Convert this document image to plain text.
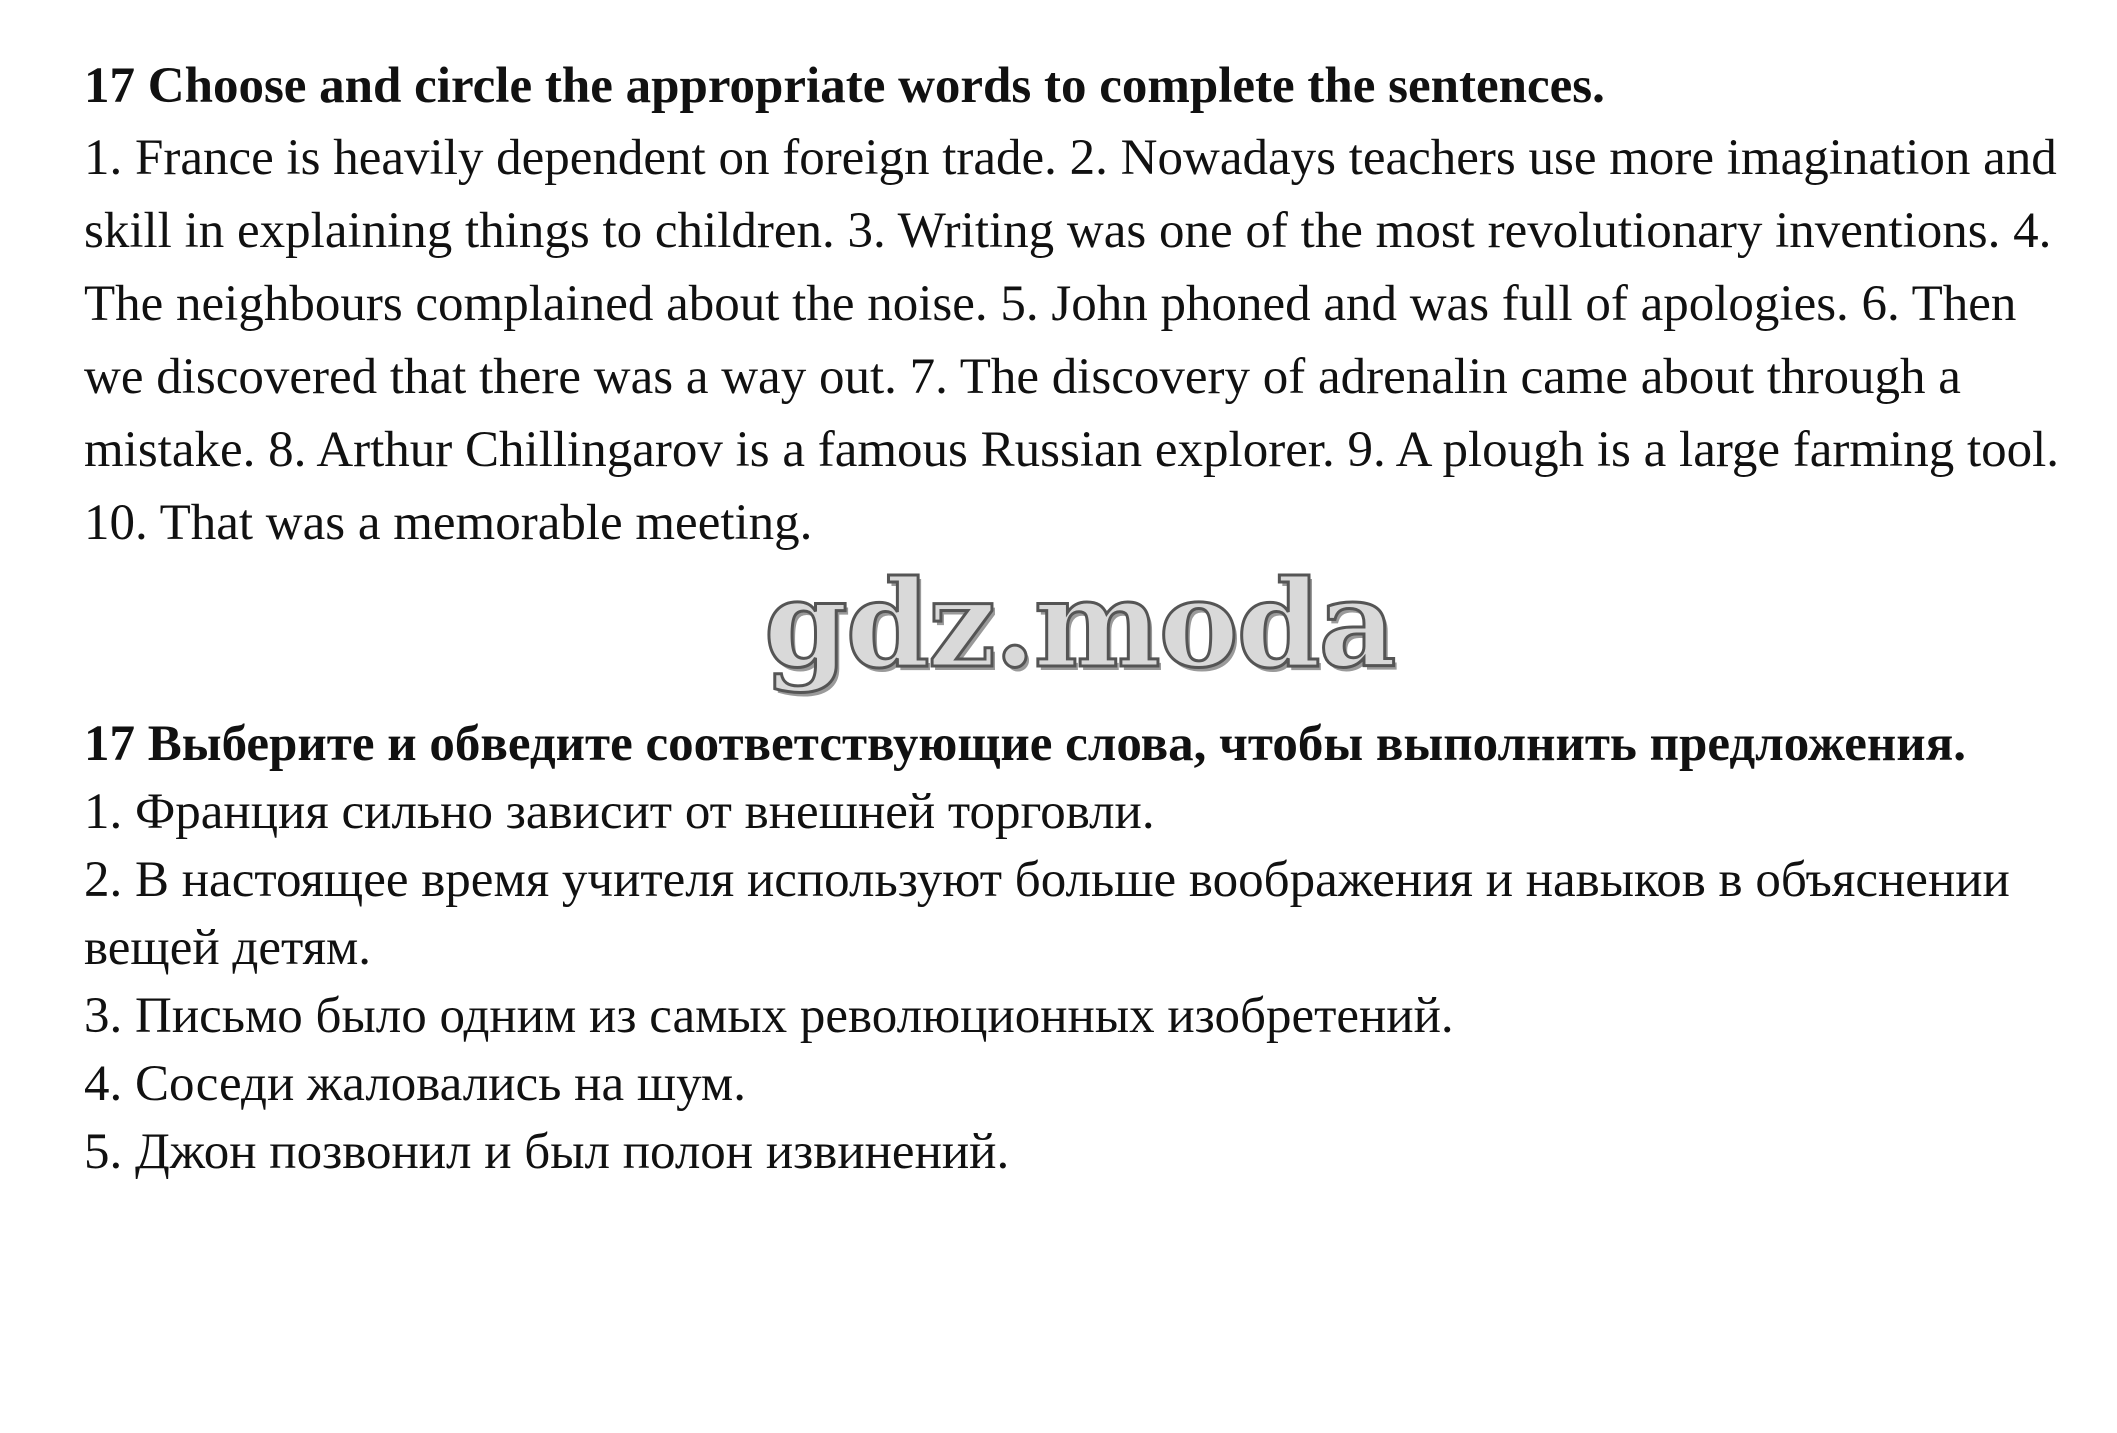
17 Choose and circle the appropriate words to complete the sentences.

1. France is heavily dependent on foreign trade. 2. Nowadays teachers use more imagination and skill in explaining things to children. 3. Writing was one of the most revolutionary inventions. 4. The neighbours complained about the noise. 5. John phoned and was full of apologies. 6. Then we discovered that there was a way out. 7. The discovery of adrenalin came about through a mistake. 8. Arthur Chillingarov is a famous Russian explorer. 9. A plough is a large farming tool. 10. That was a memorable meeting.

gdz.moda

17 Выберите и обведите соответствующие слова, чтобы выполнить предложения.

1. Франция сильно зависит от внешней торговли.
2. В настоящее время учителя используют больше воображения и навыков в объяснении вещей детям.
3. Письмо было одним из самых революционных изобретений.
4. Соседи жаловались на шум.
5. Джон позвонил и был полон извинений.
